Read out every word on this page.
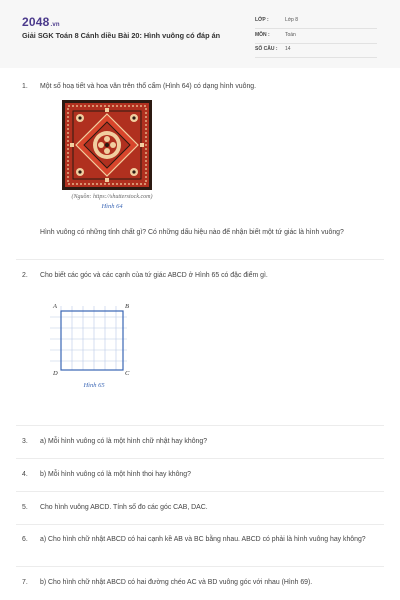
2048.vn
Giải SGK Toán 8 Cánh diều Bài 20: Hình vuông có đáp án
LỚP :	Lớp 8
MÔN :	Toán
SỐ CÂU : 14
1.	Một số hoạ tiết và hoa văn trên thổ cẩm (Hình 64) có dạng hình vuông.
(Nguồn: https://shutterstock.com)
Hình 64
Hình vuông có những tính chất gì? Có những dấu hiệu nào để nhận biết một tứ giác là hình vuông?
2.	Cho biết các góc và các cạnh của tứ giác ABCD ở Hình 65 có đặc điểm gì.
A	B
C
D
Hình 65
3.	a) Mỗi hình vuông có là một hình chữ nhật hay không?
4.	b) Mỗi hình vuông có là một hình thoi hay không?
5.	Cho hình vuông ABCD. Tính số đo các góc CAB, DAC.
6.	a) Cho hình chữ nhật ABCD có hai cạnh kề AB và BC bằng nhau. ABCD có phải là hình vuông hay không?
7.	b) Cho hình chữ nhật ABCD có hai đường chéo AC và BD vuông góc với nhau (Hình 69).
